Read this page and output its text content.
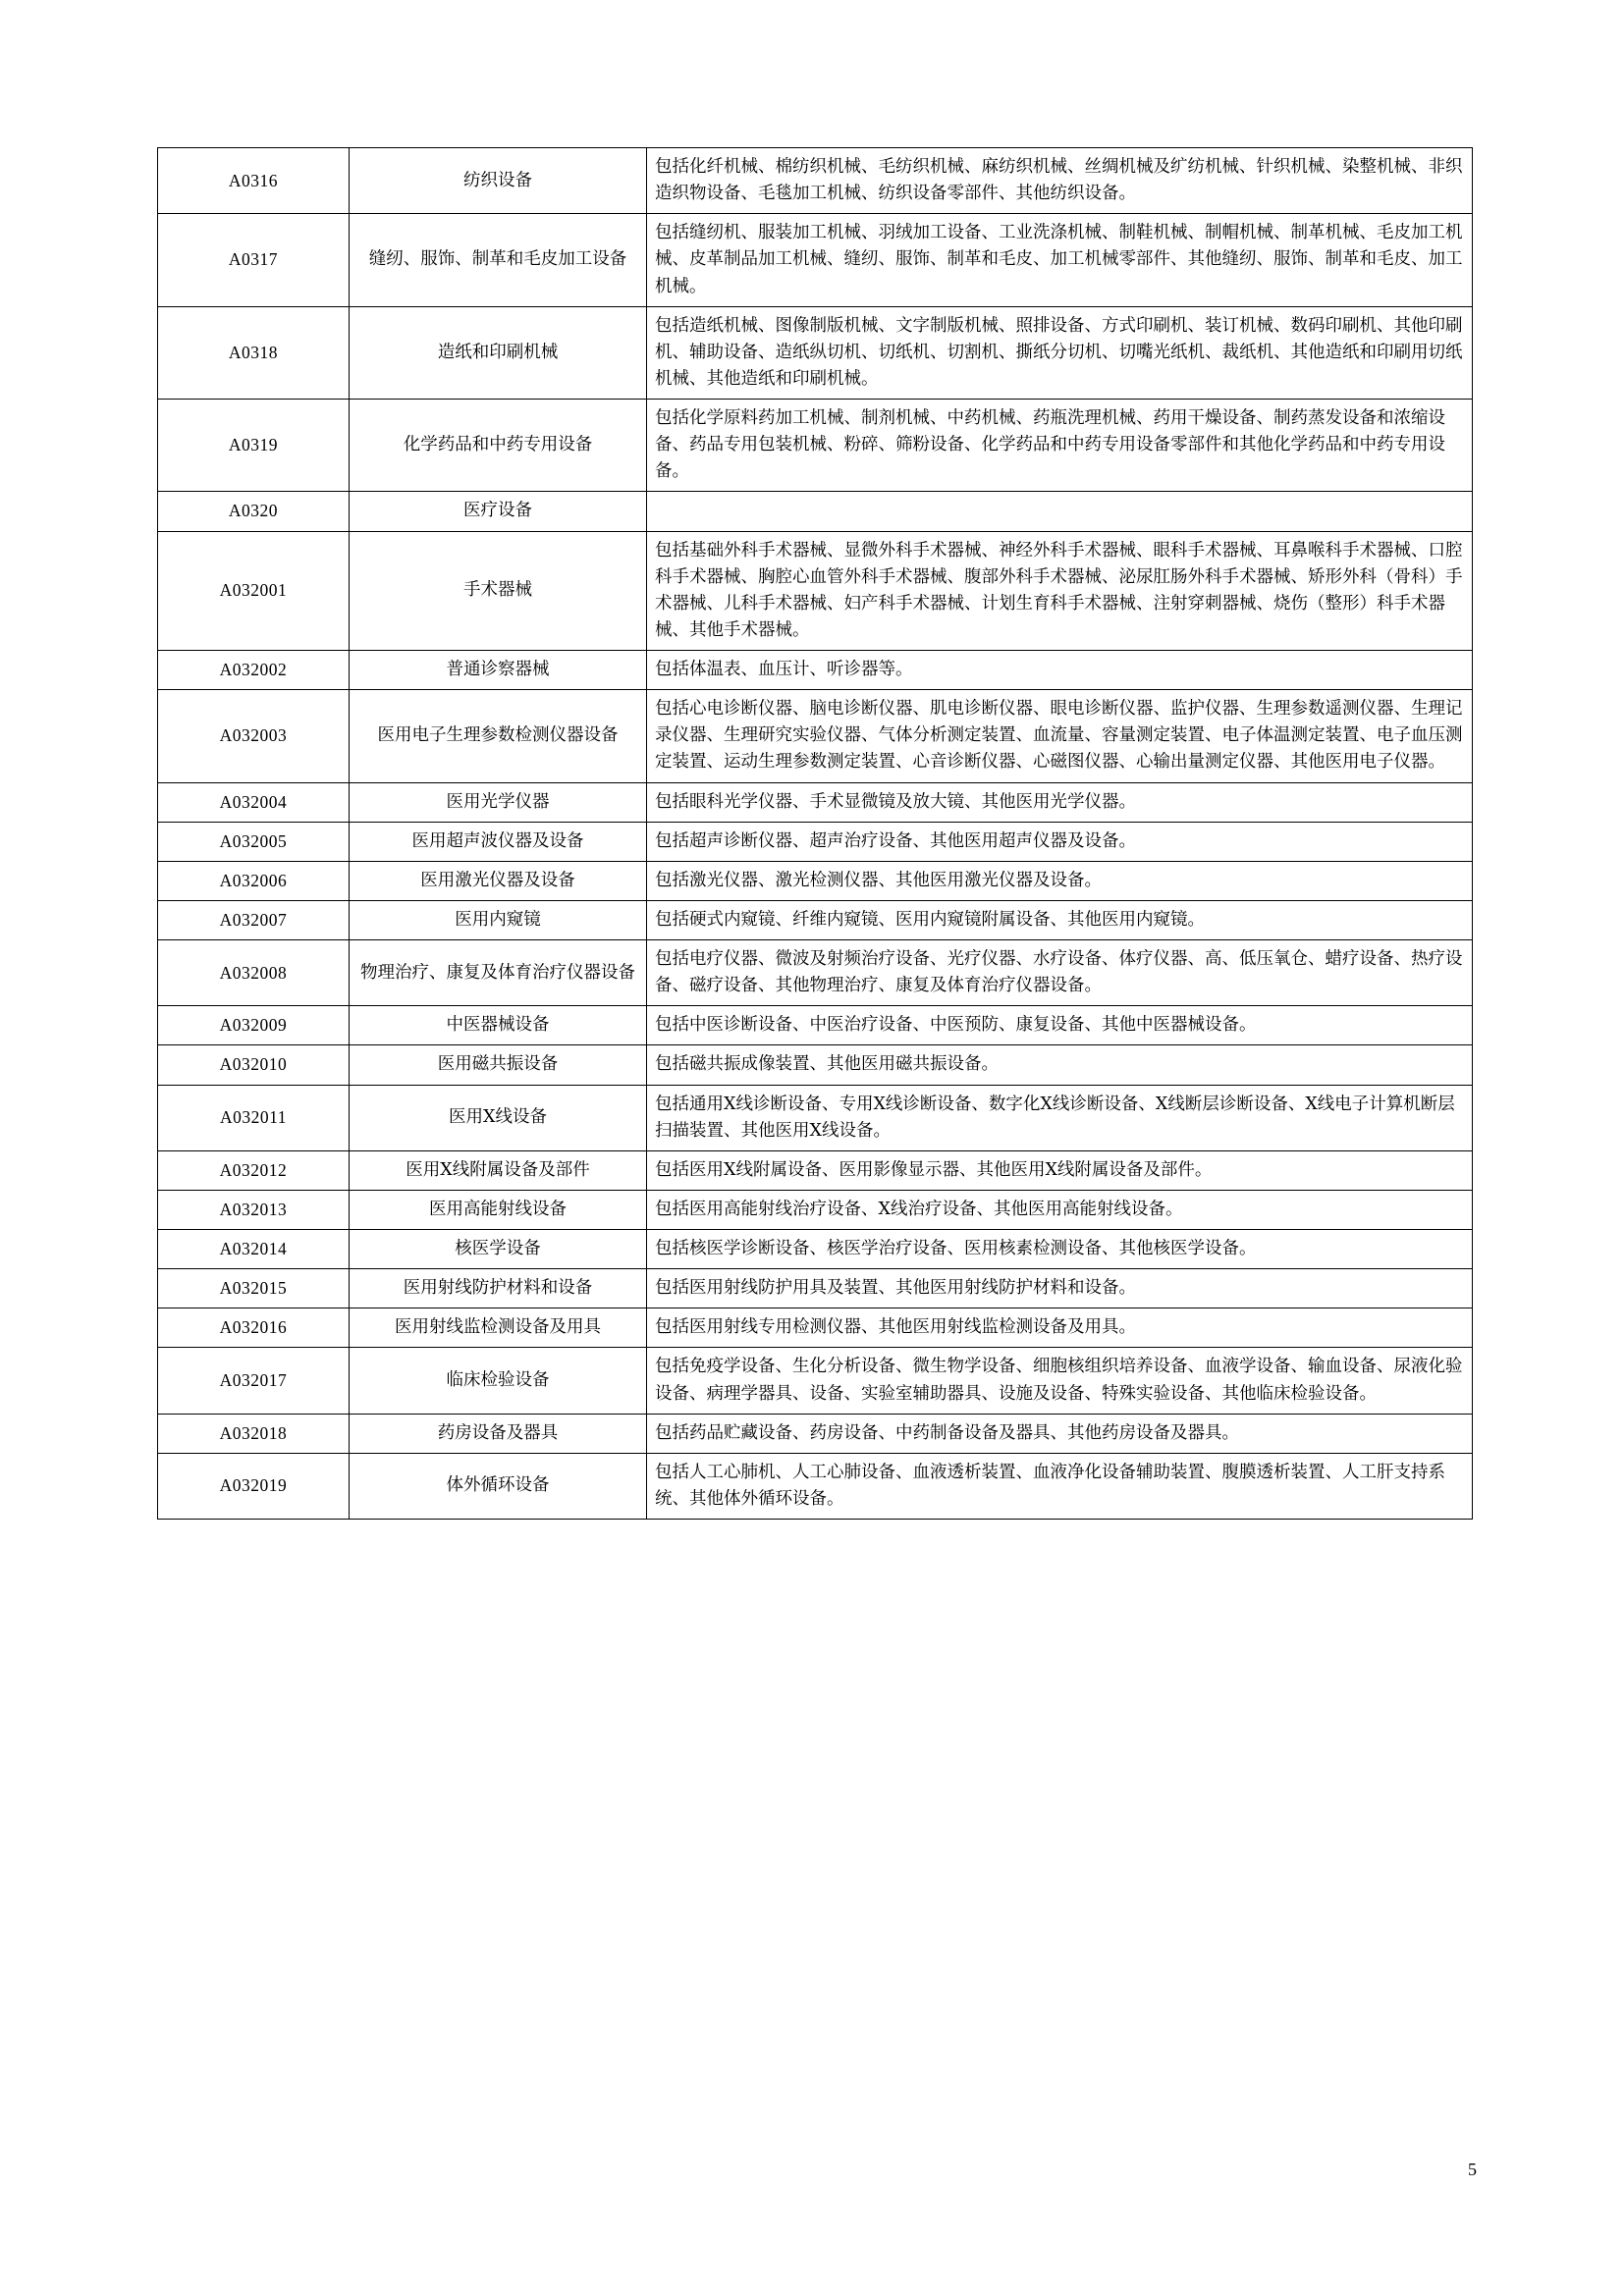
A0316	纺织设备	包括化纤机械、棉纺织机械、毛纺织机械、麻纺织机械、丝绸机械及纩纺机械、针织机械、染整机械、非织造织物设备、毛毯加工机械、纺织设备零部件、其他纺织设备。
A0317	缝纫、服饰、制革和毛皮加工设备	包括缝纫机、服装加工机械、羽绒加工设备、工业洗涤机械、制鞋机械、制帽机械、制革机械、毛皮加工机械、皮革制品加工机械、缝纫、服饰、制革和毛皮、加工机械零部件、其他缝纫、服饰、制革和毛皮、加工机械。
A0318	造纸和印刷机械	包括造纸机械、图像制版机械、文字制版机械、照排设备、方式印刷机、装订机械、数码印刷机、其他印刷机、辅助设备、造纸纵切机、切纸机、切割机、撕纸分切机、切嘴光纸机、裁纸机、其他造纸和印刷用切纸机械、其他造纸和印刷机械。
A0319	化学药品和中药专用设备	包括化学原料药加工机械、制剂机械、中药机械、药瓶洗理机械、药用干燥设备、制药蒸发设备和浓缩设备、药品专用包装机械、粉碎、筛粉设备、化学药品和中药专用设备零部件和其他化学药品和中药专用设备。
A0320	医疗设备	
A032001	手术器械	包括基础外科手术器械、显微外科手术器械、神经外科手术器械、眼科手术器械、耳鼻喉科手术器械、口腔科手术器械、胸腔心血管外科手术器械、腹部外科手术器械、泌尿肛肠外科手术器械、矫形外科（骨科）手术器械、儿科手术器械、妇产科手术器械、计划生育科手术器械、注射穿刺器械、烧伤（整形）科手术器械、其他手术器械。
A032002	普通诊察器械	包括体温表、血压计、听诊器等。
A032003	医用电子生理参数检测仪器设备	包括心电诊断仪器、脑电诊断仪器、肌电诊断仪器、眼电诊断仪器、监护仪器、生理参数遥测仪器、生理记录仪器、生理研究实验仪器、气体分析测定装置、血流量、容量测定装置、电子体温测定装置、电子血压测定装置、运动生理参数测定装置、心音诊断仪器、心磁图仪器、心输出量测定仪器、其他医用电子仪器。
A032004	医用光学仪器	包括眼科光学仪器、手术显微镜及放大镜、其他医用光学仪器。
A032005	医用超声波仪器及设备	包括超声诊断仪器、超声治疗设备、其他医用超声仪器及设备。
A032006	医用激光仪器及设备	包括激光仪器、激光检测仪器、其他医用激光仪器及设备。
A032007	医用内窥镜	包括硬式内窥镜、纤维内窥镜、医用内窥镜附属设备、其他医用内窥镜。
A032008	物理治疗、康复及体育治疗仪器设备	包括电疗仪器、微波及射频治疗设备、光疗仪器、水疗设备、体疗仪器、高、低压氧仓、蜡疗设备、热疗设备、磁疗设备、其他物理治疗、康复及体育治疗仪器设备。
A032009	中医器械设备	包括中医诊断设备、中医治疗设备、中医预防、康复设备、其他中医器械设备。
A032010	医用磁共振设备	包括磁共振成像装置、其他医用磁共振设备。
A032011	医用X线设备	包括通用X线诊断设备、专用X线诊断设备、数字化X线诊断设备、X线断层诊断设备、X线电子计算机断层扫描装置、其他医用X线设备。
A032012	医用X线附属设备及部件	包括医用X线附属设备、医用影像显示器、其他医用X线附属设备及部件。
A032013	医用高能射线设备	包括医用高能射线治疗设备、X线治疗设备、其他医用高能射线设备。
A032014	核医学设备	包括核医学诊断设备、核医学治疗设备、医用核素检测设备、其他核医学设备。
A032015	医用射线防护材料和设备	包括医用射线防护用具及装置、其他医用射线防护材料和设备。
A032016	医用射线监检测设备及用具	包括医用射线专用检测仪器、其他医用射线监检测设备及用具。
A032017	临床检验设备	包括免疫学设备、生化分析设备、微生物学设备、细胞核组织培养设备、血液学设备、输血设备、尿液化验设备、病理学器具、设备、实验室辅助器具、设施及设备、特殊实验设备、其他临床检验设备。
A032018	药房设备及器具	包括药品贮藏设备、药房设备、中药制备设备及器具、其他药房设备及器具。
A032019	体外循环设备	包括人工心肺机、人工心肺设备、血液透析装置、血液净化设备辅助装置、腹膜透析装置、人工肝支持系统、其他体外循环设备。
5
